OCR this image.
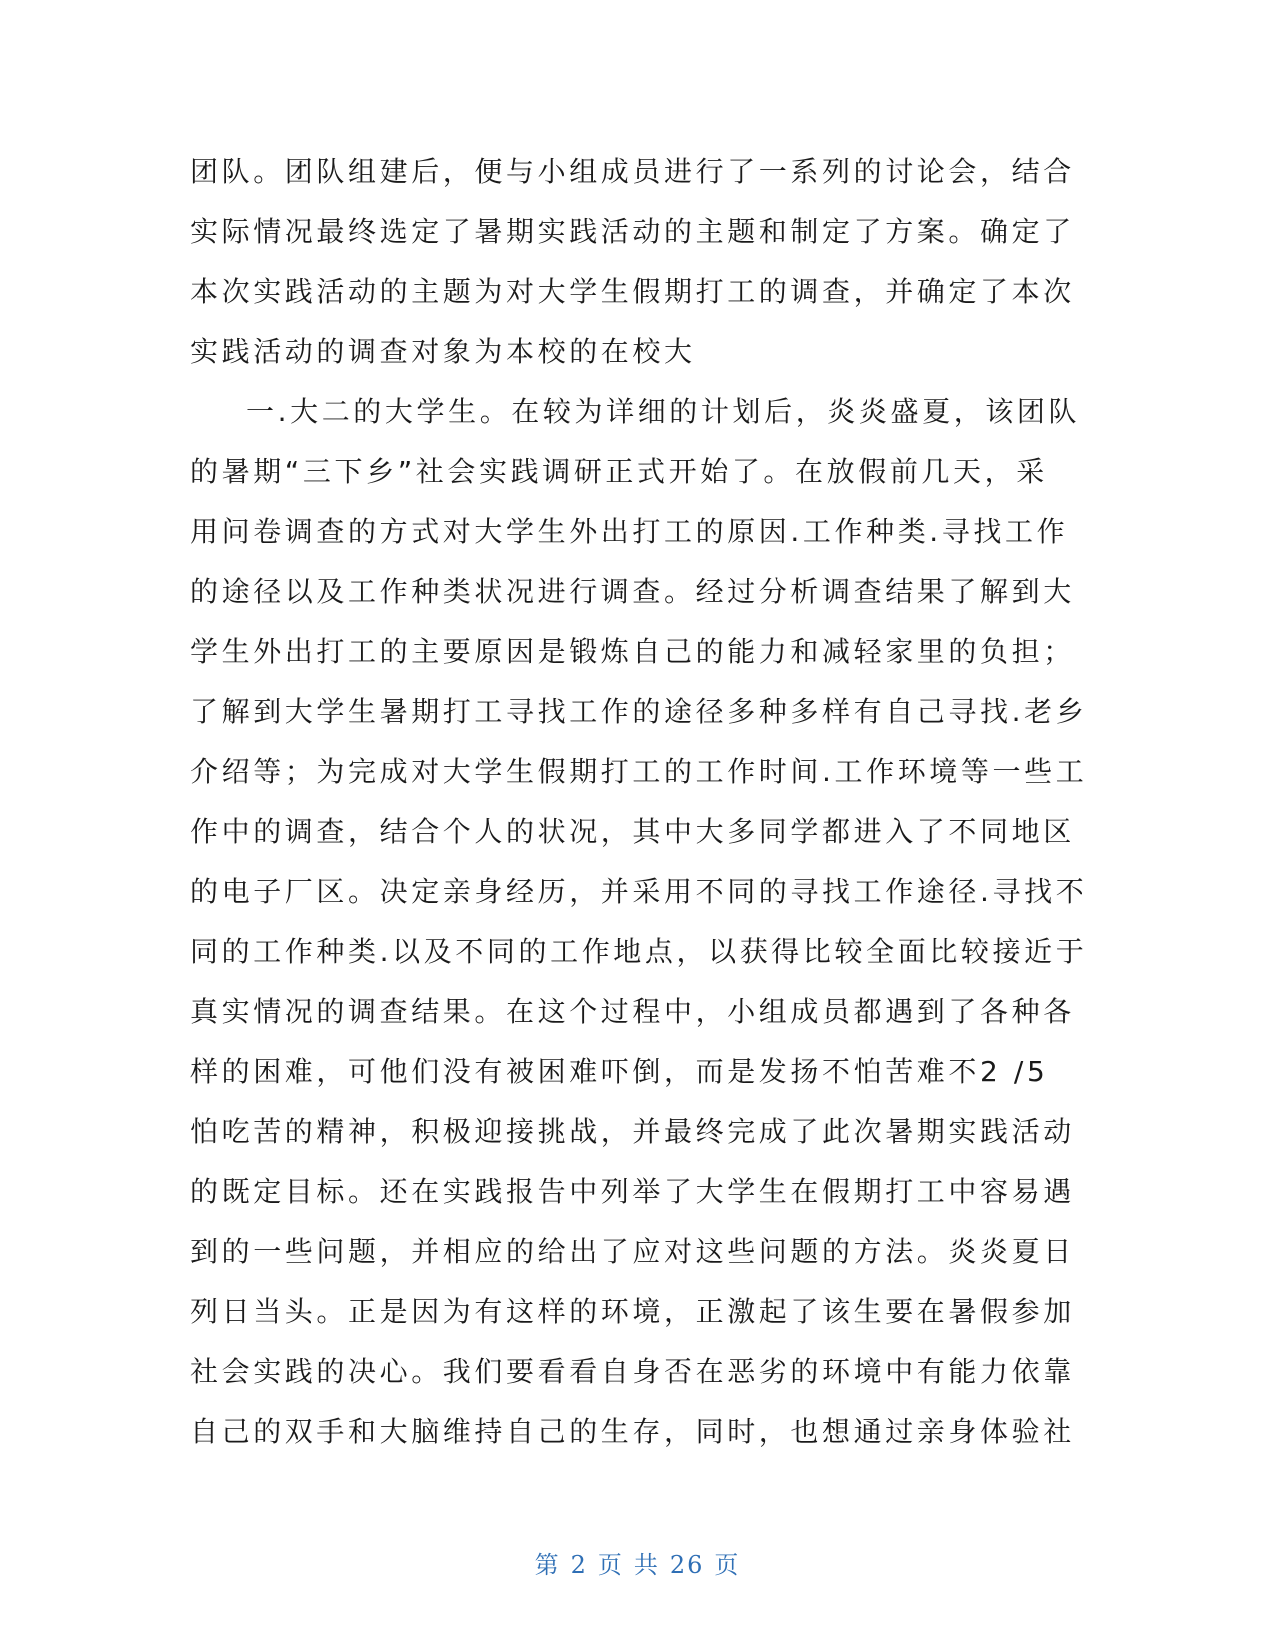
团队。团队组建后，便与小组成员进行了一系列的讨论会，结合
实际情况最终选定了暑期实践活动的主题和制定了方案。确定了
本次实践活动的主题为对大学生假期打工的调查，并确定了本次
实践活动的调查对象为本校的在校大
一.大二的大学生。在较为详细的计划后，炎炎盛夏，该团队
的暑期“三下乡”社会实践调研正式开始了。在放假前几天，采
用问卷调查的方式对大学生外出打工的原因.工作种类.寻找工作
的途径以及工作种类状况进行调查。经过分析调查结果了解到大
学生外出打工的主要原因是锻炼自己的能力和减轻家里的负担；
了解到大学生暑期打工寻找工作的途径多种多样有自己寻找.老乡
介绍等；为完成对大学生假期打工的工作时间.工作环境等一些工
作中的调查，结合个人的状况，其中大多同学都进入了不同地区
的电子厂区。决定亲身经历，并采用不同的寻找工作途径.寻找不
同的工作种类.以及不同的工作地点，以获得比较全面比较接近于
真实情况的调查结果。在这个过程中，小组成员都遇到了各种各
样的困难，可他们没有被困难吓倒，而是发扬不怕苦难不2 /5
怕吃苦的精神，积极迎接挑战，并最终完成了此次暑期实践活动
的既定目标。还在实践报告中列举了大学生在假期打工中容易遇
到的一些问题，并相应的给出了应对这些问题的方法。炎炎夏日
列日当头。正是因为有这样的环境，正激起了该生要在暑假参加
社会实践的决心。我们要看看自身否在恶劣的环境中有能力依靠
自己的双手和大脑维持自己的生存，同时，也想通过亲身体验社
第 2 页 共 26 页
